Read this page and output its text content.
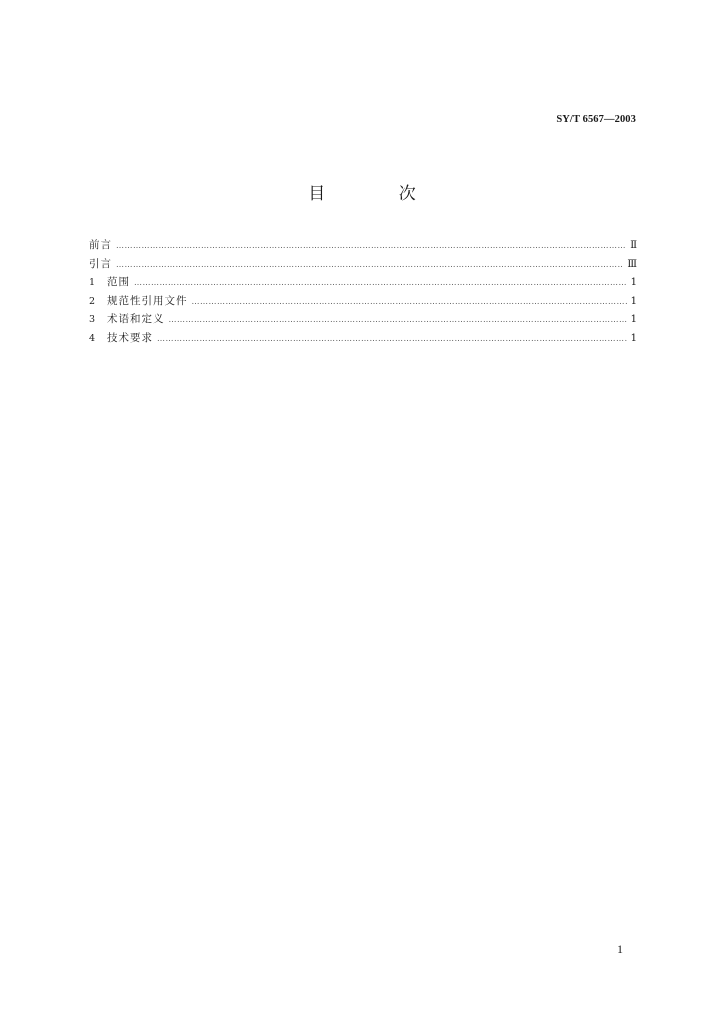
SY/T 6567—2003
目 次
前言 ………………………………………………………………………………………………………………………………………………………………………………………………………	Ⅱ
引言 ………………………………………………………………………………………………………………………………………………………………………………………………………	Ⅲ
1	范围 ………………………………………………………………………………………………………………………………………………………………………………………………………	1
2	规范性引用文件 ………………………………………………………………………………………………………………………………………………………………………………………………………	1
3	术语和定义 ………………………………………………………………………………………………………………………………………………………………………………………………………	1
4	技术要求 ………………………………………………………………………………………………………………………………………………………………………………………………………	1
1
